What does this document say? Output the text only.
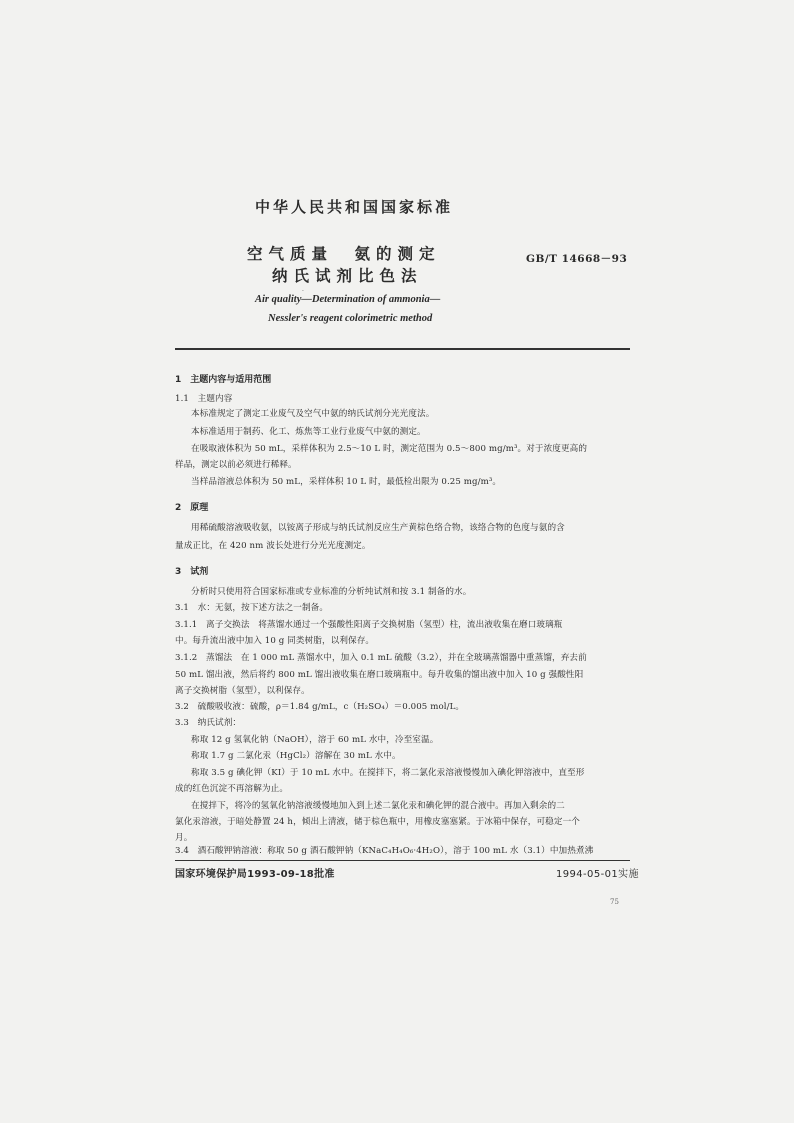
中华人民共和国国家标准
空气质量　氨的测定
纳氏试剂比色法
GB/T 14668－93
·
Air quality—Determination of ammonia—
Nessler's reagent colorimetric method
1　主题内容与适用范围
1.1　主题内容
本标准规定了测定工业废气及空气中氨的纳氏试剂分光光度法。
本标准适用于制药、化工、炼焦等工业行业废气中氨的测定。
在吸取液体积为 50 mL，采样体积为 2.5～10 L 时，测定范围为 0.5～800 mg/m³。对于浓度更高的
样品，测定以前必须进行稀释。
当样品溶液总体积为 50 mL，采样体积 10 L 时，最低检出限为 0.25 mg/m³。
2　原理
用稀硫酸溶液吸收氨，以铵离子形成与纳氏试剂反应生产黄棕色络合物，该络合物的色度与氨的含
量成正比，在 420 nm 波长处进行分光光度测定。
3　试剂
分析时只使用符合国家标准或专业标准的分析纯试剂和按 3.1 制备的水。
3.1　水：无氨，按下述方法之一制备。
3.1.1　离子交换法　将蒸馏水通过一个强酸性阳离子交换树脂（氢型）柱，流出液收集在磨口玻璃瓶
中。每升流出液中加入 10 g 同类树脂，以利保存。
3.1.2　蒸馏法　在 1 000 mL 蒸馏水中，加入 0.1 mL 硫酸（3.2），并在全玻璃蒸馏器中重蒸馏，弃去前
50 mL 馏出液，然后将约 800 mL 馏出液收集在磨口玻璃瓶中。每升收集的馏出液中加入 10 g 强酸性阳
离子交换树脂（氢型），以利保存。
3.2　硫酸吸收液：硫酸，ρ＝1.84 g/mL，c（H₂SO₄）＝0.005 mol/L。
3.3　纳氏试剂：
称取 12 g 氢氧化钠（NaOH），溶于 60 mL 水中，冷至室温。
称取 1.7 g 二氯化汞（HgCl₂）溶解在 30 mL 水中。
称取 3.5 g 碘化钾（KI）于 10 mL 水中。在搅拌下，将二氯化汞溶液慢慢加入碘化钾溶液中，直至形
成的红色沉淀不再溶解为止。
在搅拌下，将冷的氢氧化钠溶液缓慢地加入到上述二氯化汞和碘化钾的混合液中。再加入剩余的二
氯化汞溶液，于暗处静置 24 h，倾出上清液，储于棕色瓶中，用橡皮塞塞紧。于冰箱中保存，可稳定一个
月。
3.4　酒石酸钾钠溶液：称取 50 g 酒石酸钾钠（KNaC₄H₄O₆·4H₂O），溶于 100 mL 水（3.1）中加热煮沸
国家环境保护局1993-09-18批准	1994-05-01实施
75
